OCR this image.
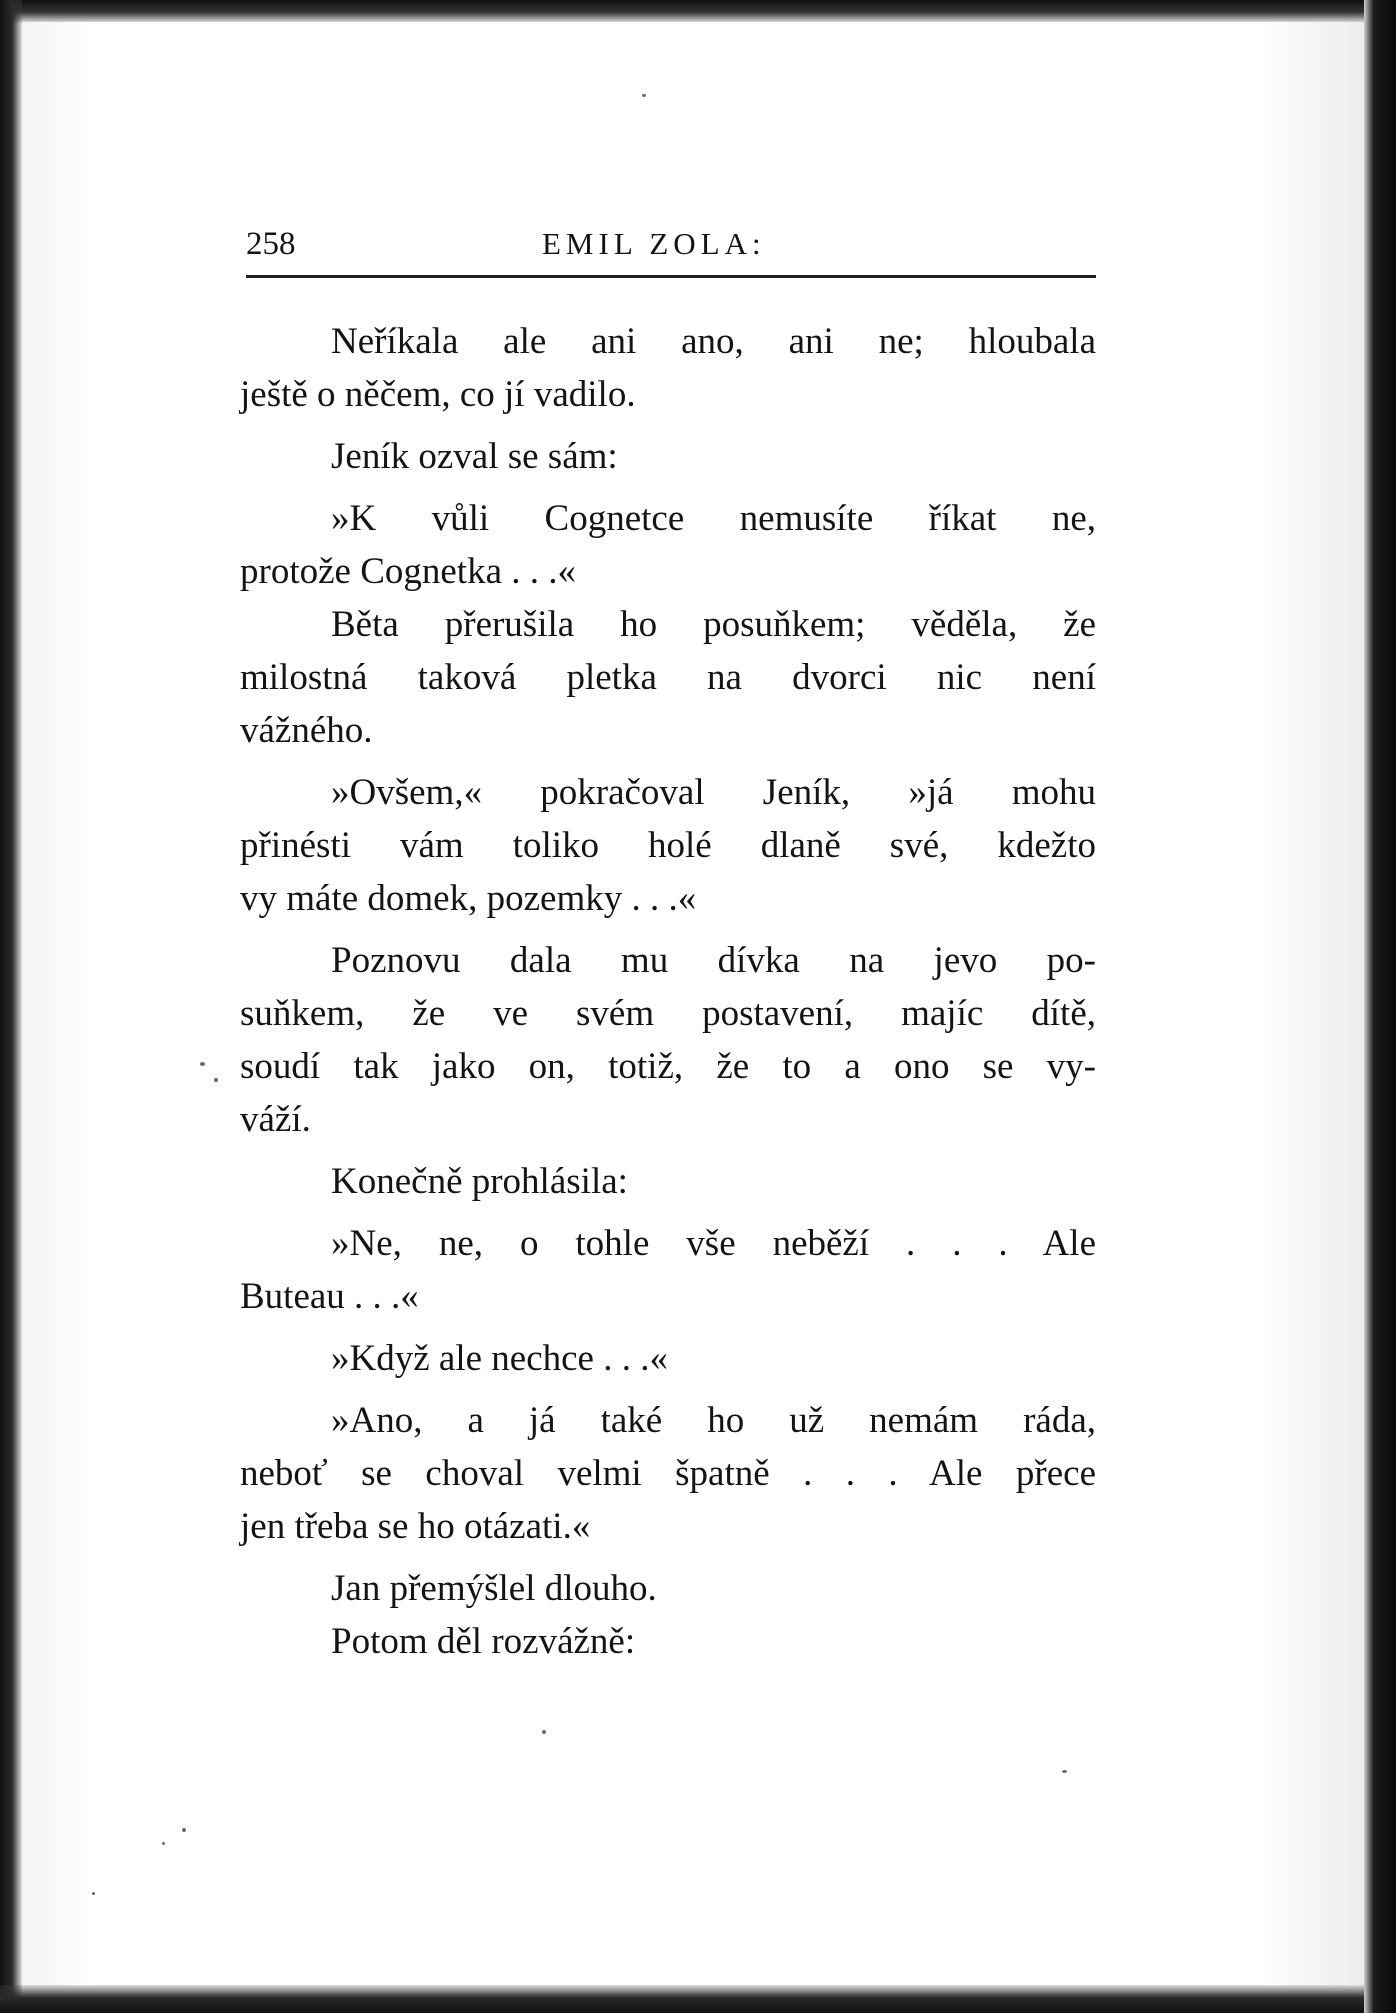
258	EMIL ZOLA:
Neříkala ale ani ano, ani ne; hloubala
ještě o něčem, co jí vadilo.
Jeník ozval se sám:
»K vůli Cognetce nemusíte říkat ne,
protože Cognetka . . .«
Běta přerušila ho posuňkem; věděla, že
milostná taková pletka na dvorci nic není
vážného.
»Ovšem,« pokračoval Jeník, »já mohu
přinésti vám toliko holé dlaně své, kdežto
vy máte domek, pozemky . . .«
Poznovu dala mu dívka na jevo po-
suňkem, že ve svém postavení, majíc dítě,
soudí tak jako on, totiž, že to a ono se vy-
váží.
Konečně prohlásila:
»Ne, ne, o tohle vše neběží . . . Ale
Buteau . . .«
»Když ale nechce . . .«
»Ano, a já také ho už nemám ráda,
neboť se choval velmi špatně . . . Ale přece
jen třeba se ho otázati.«
Jan přemýšlel dlouho.
Potom děl rozvážně:
